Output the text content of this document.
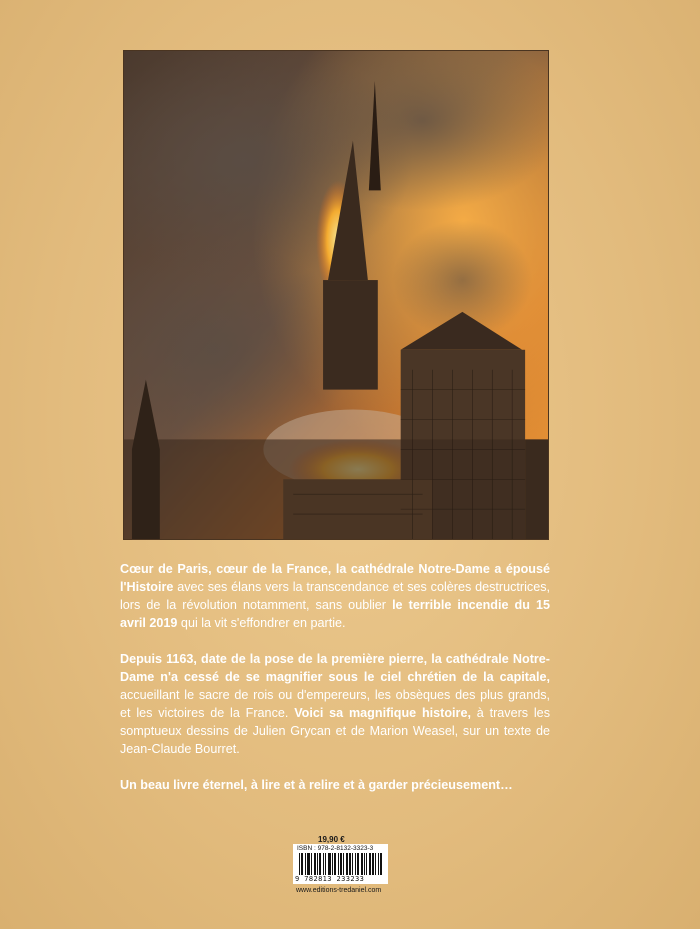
Cœur de Paris, cœur de la France, la cathédrale Notre-Dame a épousé l'Histoire avec ses élans vers la transcendance et ses colères destructrices, lors de la révolution notamment, sans oublier le terrible incendie du 15 avril 2019 qui la vit s'effondrer en partie.

Depuis 1163, date de la pose de la première pierre, la cathédrale Notre-Dame n'a cessé de se magnifier sous le ciel chrétien de la capitale, accueillant le sacre de rois ou d'empereurs, les obsèques des plus grands, et les victoires de la France. Voici sa magnifique histoire, à travers les somptueux dessins de Julien Grycan et de Marion Weasel, sur un texte de Jean-Claude Bourret.

Un beau livre éternel, à lire et à relire et à garder précieusement…

19,90 €
ISBN : 978-2-8132-3323-3
9 782813 233233
www.editions-tredaniel.com
